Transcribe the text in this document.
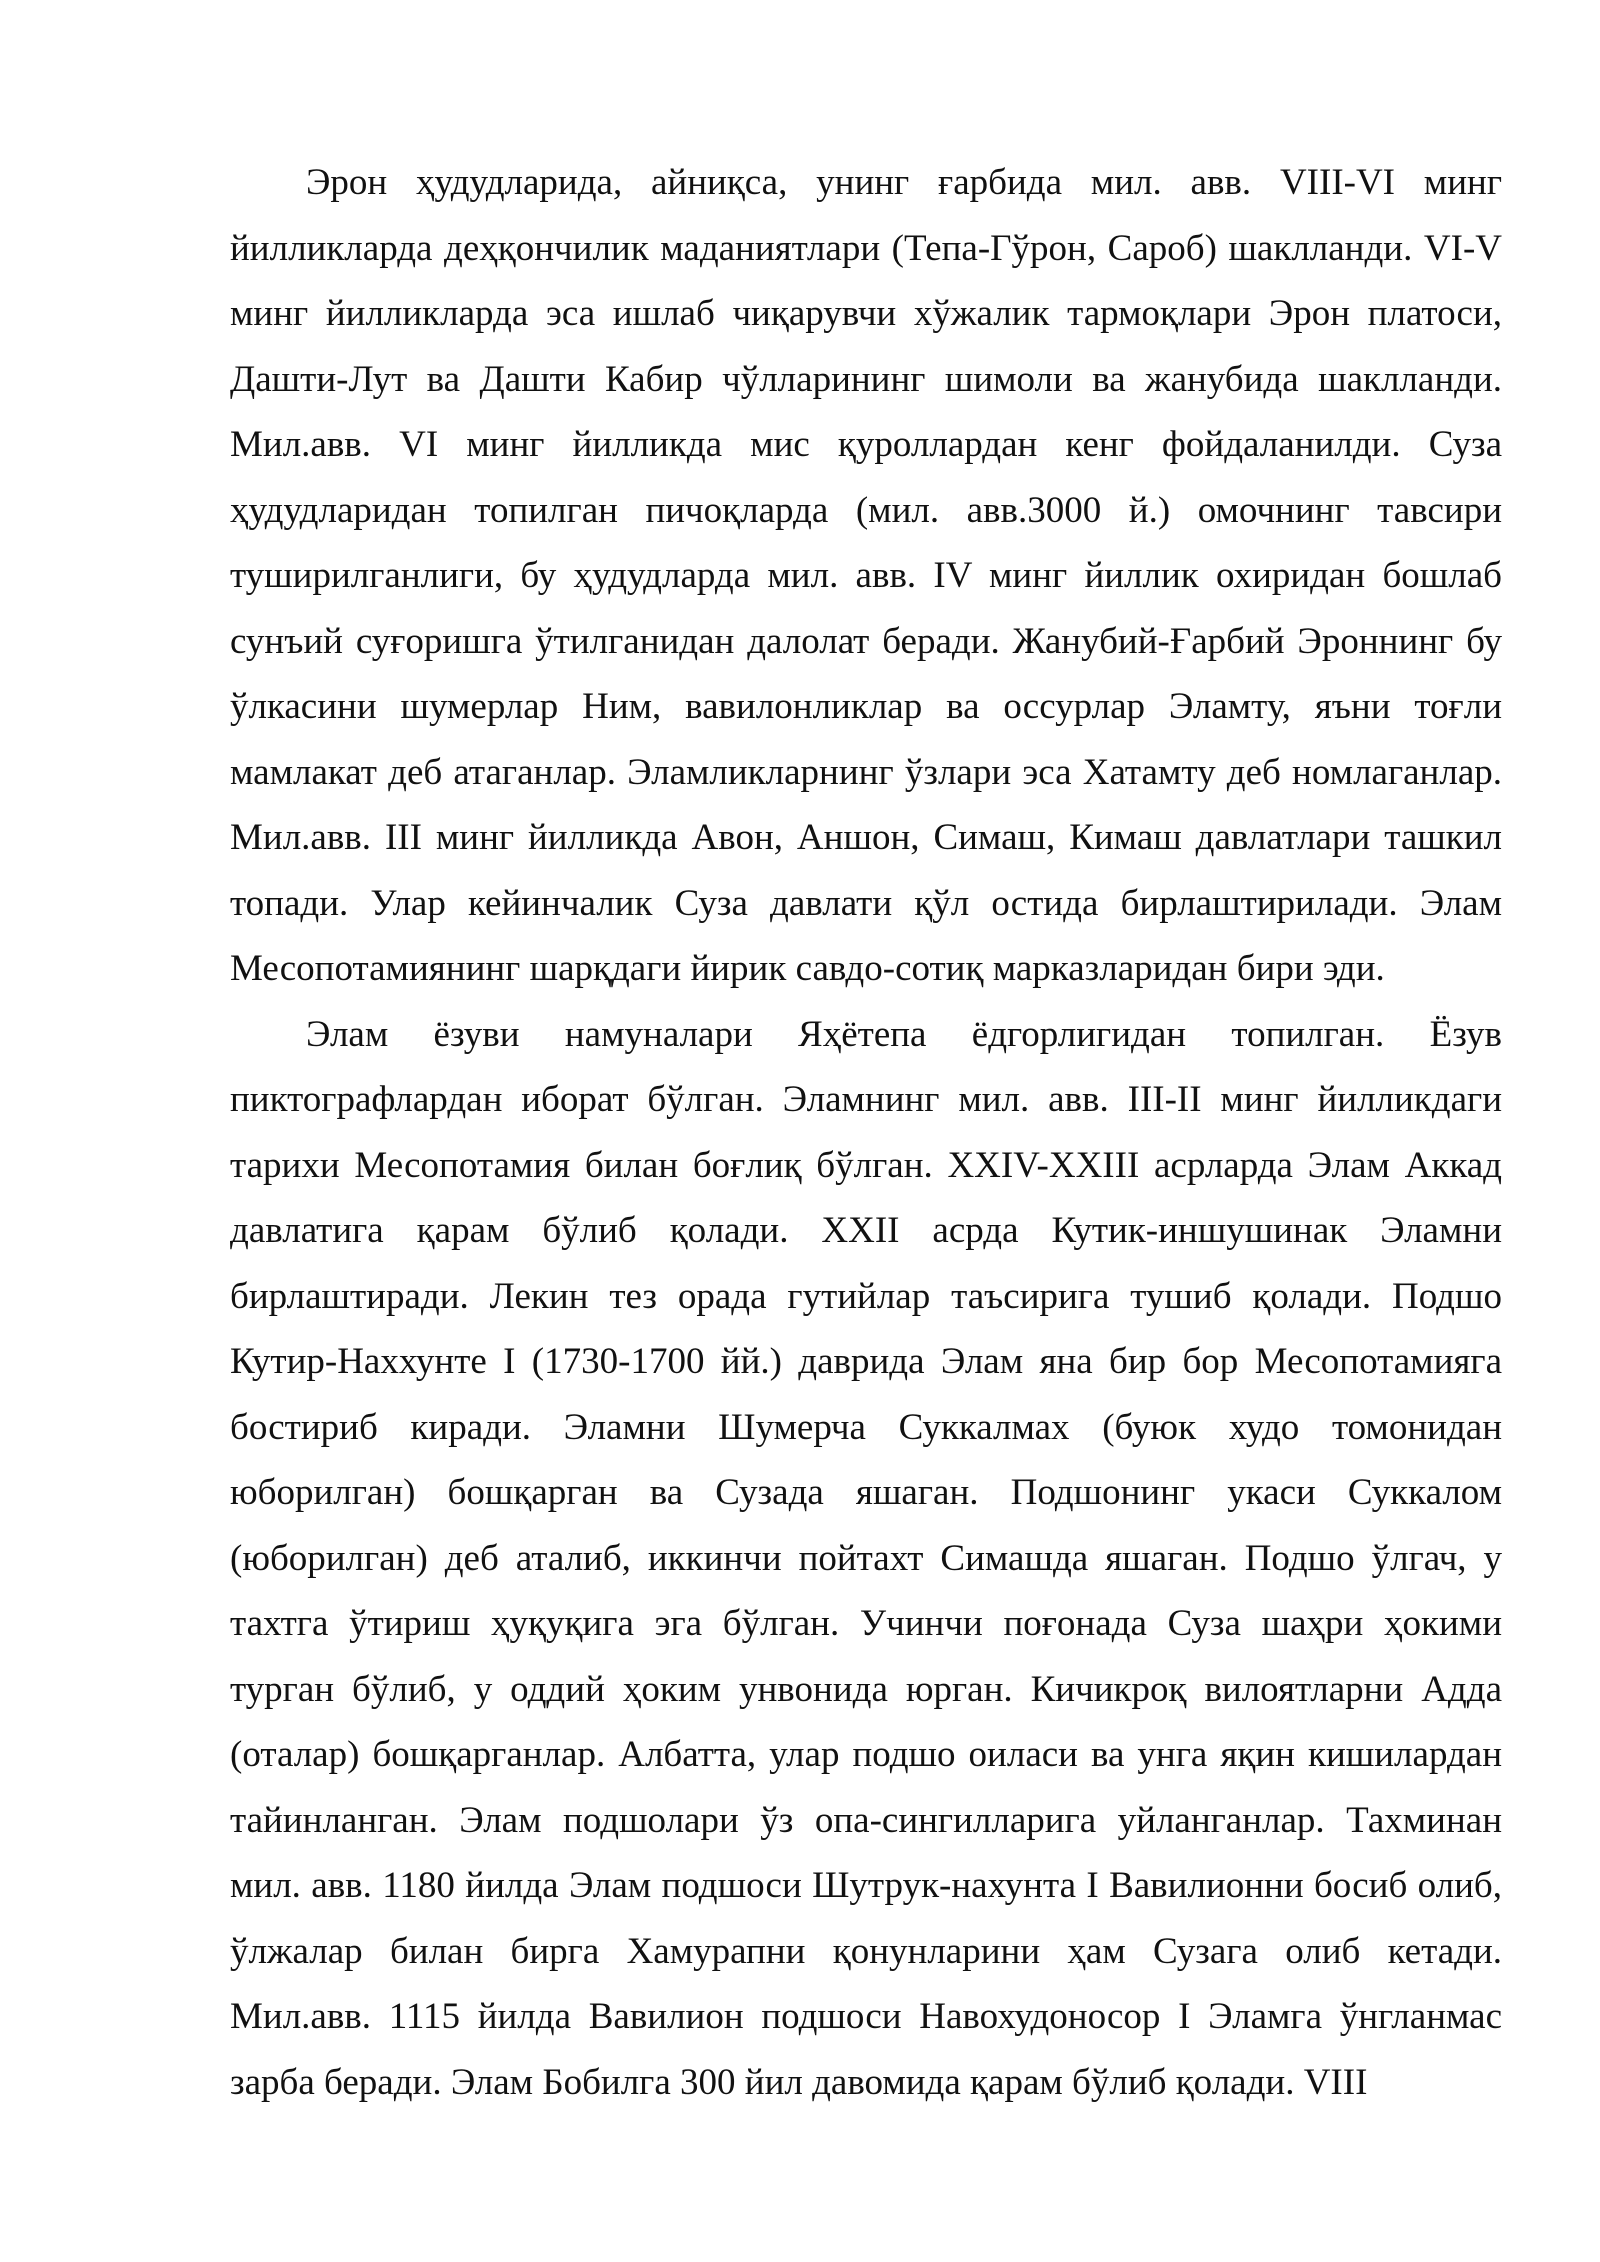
Эрон ҳудудларида, айниқса, унинг ғарбида мил. авв. VIII-VI минг йилликларда деҳқончилик маданиятлари (Тепа-Гўрон, Сароб) шаклланди. VI-V минг йилликларда эса ишлаб чиқарувчи хўжалик тармоқлари Эрон платоси, Дашти-Лут ва Дашти Кабир чўлларининг шимоли ва жанубида шаклланди. Мил.авв. VI минг йилликда мис қуроллардан кенг фойдаланилди. Суза ҳудудларидан топилган пичоқларда (мил. авв.3000 й.) омочнинг тавсири туширилганлиги, бу ҳудудларда мил. авв. IV минг йиллик охиридан бошлаб сунъий суғоришга ўтилганидан далолат беради. Жанубий-Ғарбий Эроннинг бу ўлкасини шумерлар Ним, вавилонликлар ва оссурлар Эламту, яъни тоғли мамлакат деб атаганлар. Эламликларнинг ўзлари эса Хатамту деб номлаганлар. Мил.авв. III минг йилликда Авон, Аншон, Симаш, Кимаш давлатлари ташкил топади. Улар кейинчалик Суза давлати қўл остида бирлаштирилади. Элам Месопотамиянинг шарқдаги йирик савдо-сотиқ марказларидан бири эди.

Элам ёзуви намуналари Яҳётепа ёдгорлигидан топилган. Ёзув пиктографлардан иборат бўлган. Эламнинг мил. авв. III-II минг йилликдаги тарихи Месопотамия билан боғлиқ бўлган. XXIV-XXIII асрларда Элам Аккад давлатига қарам бўлиб қолади. XXII асрда Кутик-иншушинак Эламни бирлаштиради. Лекин тез орада гутийлар таъсирига тушиб қолади. Подшо Кутир-Наххунте I (1730-1700 йй.) даврида Элам яна бир бор Месопотамияга бостириб киради. Эламни Шумерча Суккалмах (буюк худо томонидан юборилган) бошқарган ва Сузада яшаган. Подшонинг укаси Суккалом (юборилган) деб аталиб, иккинчи пойтахт Симашда яшаган. Подшо ўлгач, у тахтга ўтириш ҳуқуқига эга бўлган. Учинчи поғонада Суза шаҳри ҳокими турган бўлиб, у оддий ҳоким унвонида юрган. Кичикроқ вилоятларни Адда (оталар) бошқарганлар. Албатта, улар подшо оиласи ва унга яқин кишилардан тайинланган. Элам подшолари ўз опа-сингилларига уйланганлар. Тахминан мил. авв. 1180 йилда Элам подшоси Шутрук-нахунта I Вавилионни босиб олиб, ўлжалар билан бирга Хамурапни қонунларини ҳам Сузага олиб кетади. Мил.авв. 1115 йилда Вавилион подшоси Навохудоносор I Эламга ўнгланмас зарба беради. Элам Бобилга 300 йил давомида қарам бўлиб қолади. VIII
